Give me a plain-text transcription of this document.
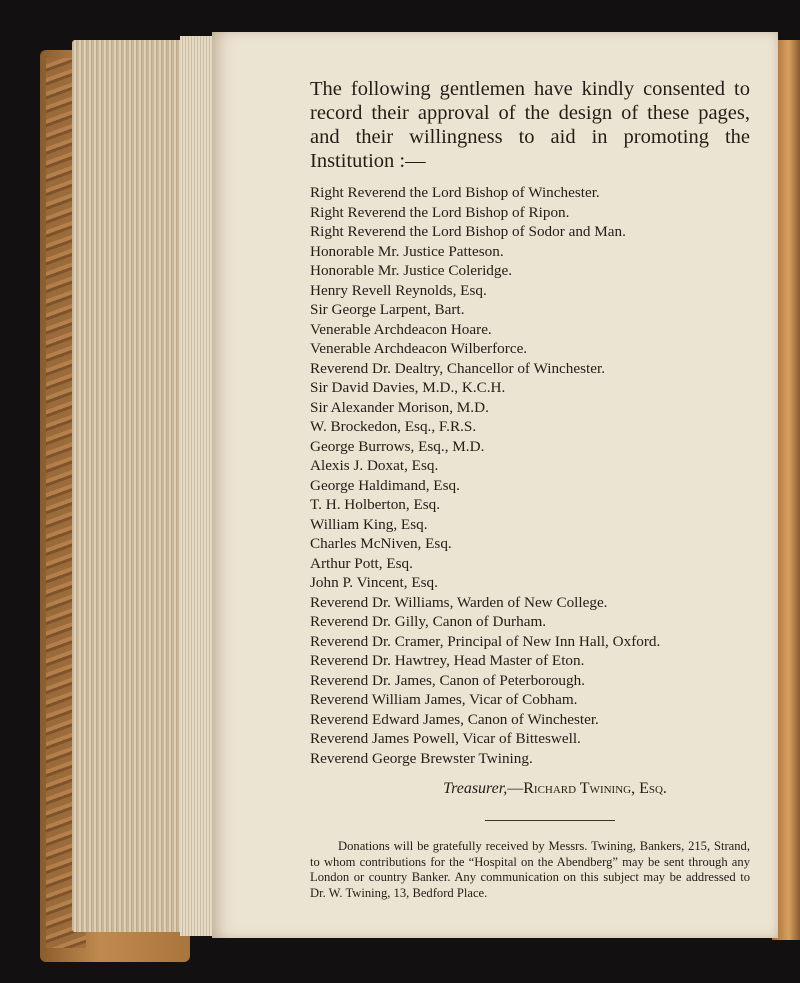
The following gentlemen have kindly consented to record their approval of the design of these pages, and their willingness to aid in promoting the Institution :—

Right Reverend the Lord Bishop of Winchester.
Right Reverend the Lord Bishop of Ripon.
Right Reverend the Lord Bishop of Sodor and Man.
Honorable Mr. Justice Patteson.
Honorable Mr. Justice Coleridge.
Henry Revell Reynolds, Esq.
Sir George Larpent, Bart.
Venerable Archdeacon Hoare.
Venerable Archdeacon Wilberforce.
Reverend Dr. Dealtry, Chancellor of Winchester.
Sir David Davies, M.D., K.C.H.
Sir Alexander Morison, M.D.
W. Brockedon, Esq., F.R.S.
George Burrows, Esq., M.D.
Alexis J. Doxat, Esq.
George Haldimand, Esq.
T. H. Holberton, Esq.
William King, Esq.
Charles McNiven, Esq.
Arthur Pott, Esq.
John P. Vincent, Esq.
Reverend Dr. Williams, Warden of New College.
Reverend Dr. Gilly, Canon of Durham.
Reverend Dr. Cramer, Principal of New Inn Hall, Oxford.
Reverend Dr. Hawtrey, Head Master of Eton.
Reverend Dr. James, Canon of Peterborough.
Reverend William James, Vicar of Cobham.
Reverend Edward James, Canon of Winchester.
Reverend James Powell, Vicar of Bitteswell.
Reverend George Brewster Twining.

Treasurer,—Richard Twining, Esq.

Donations will be gratefully received by Messrs. Twining, Bankers, 215, Strand, to whom contributions for the “Hospital on the Abendberg” may be sent through any London or country Banker. Any communication on this subject may be addressed to Dr. W. Twining, 13, Bedford Place.
